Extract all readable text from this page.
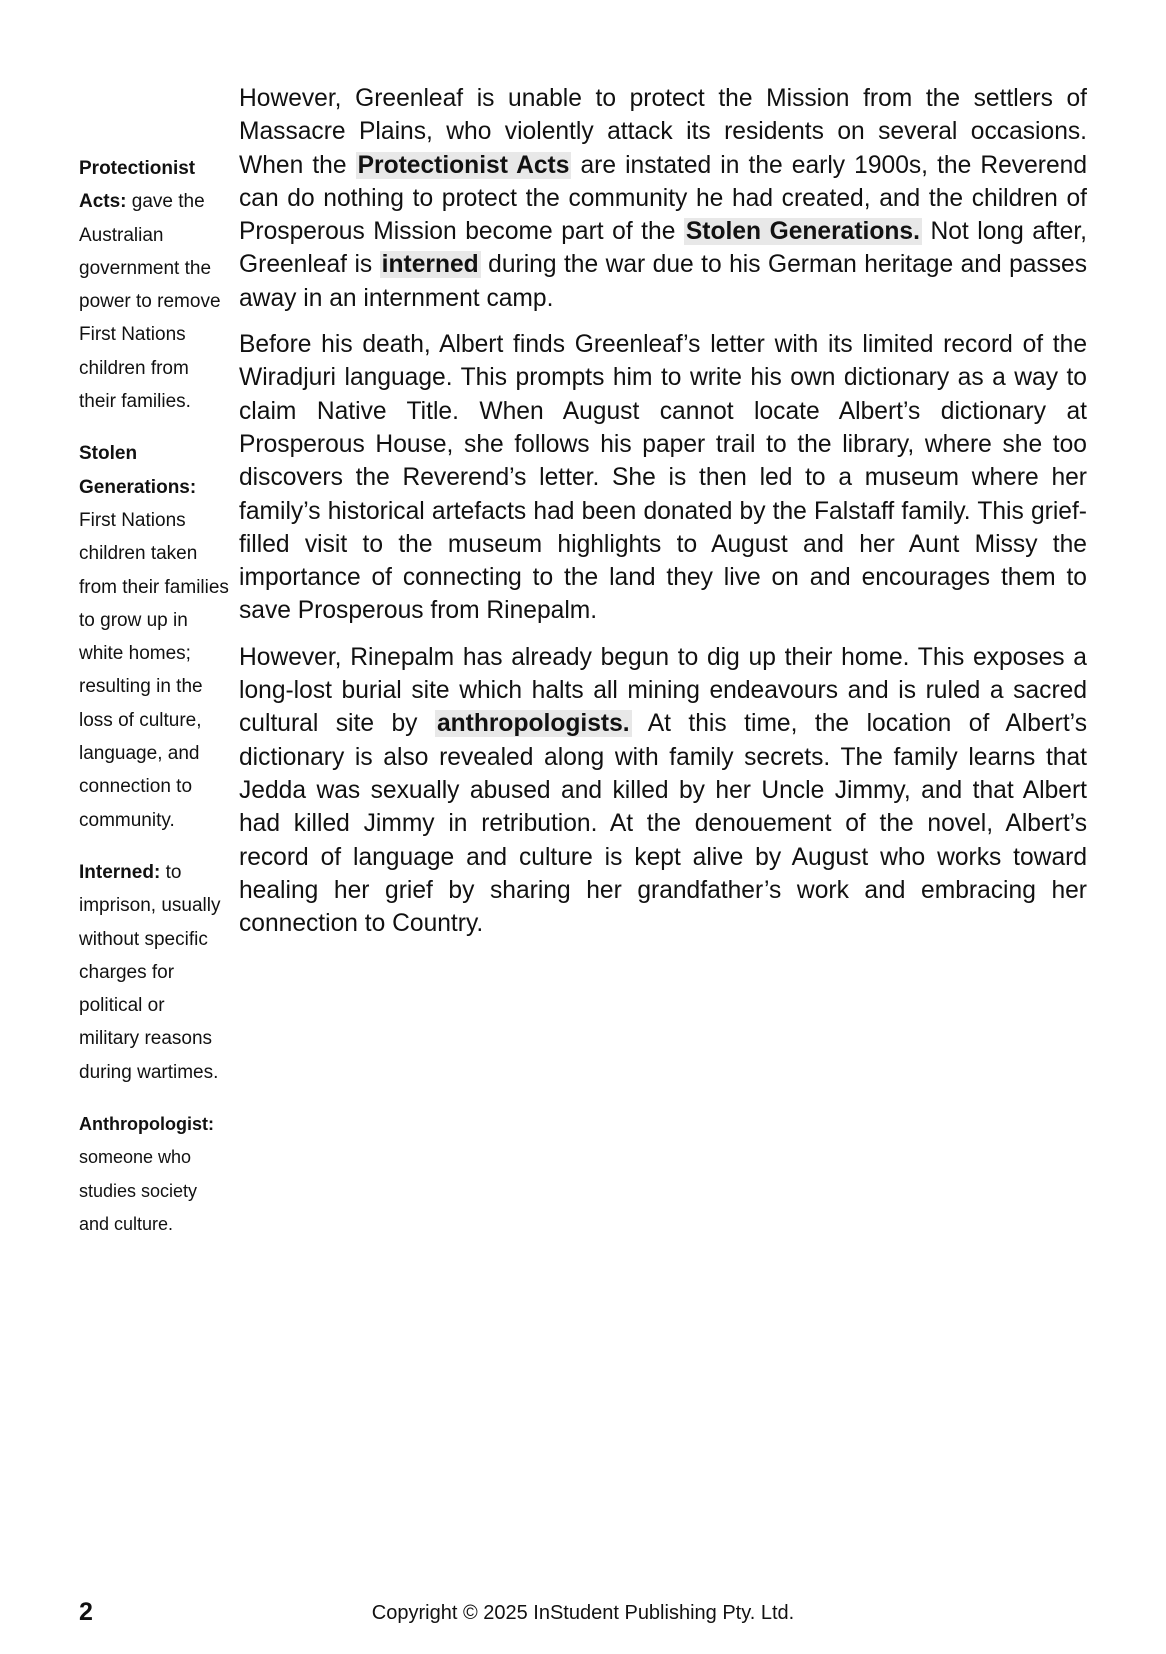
Protectionist Acts: gave the Australian government the power to remove First Nations children from their families.
Stolen Generations: First Nations children taken from their families to grow up in white homes; resulting in the loss of culture, language, and connection to community.
Interned: to imprison, usually without specific charges for political or military reasons during wartimes.
Anthropologist: someone who studies society and culture.

However, Greenleaf is unable to protect the Mission from the settlers of Massacre Plains, who violently attack its residents on several occasions. When the Protectionist Acts are instated in the early 1900s, the Reverend can do nothing to protect the community he had created, and the children of Prosperous Mission become part of the Stolen Generations. Not long after, Greenleaf is interned during the war due to his German heritage and passes away in an internment camp.

Before his death, Albert finds Greenleaf’s letter with its limited record of the Wiradjuri language. This prompts him to write his own dictionary as a way to claim Native Title. When August cannot locate Albert’s dictionary at Prosperous House, she follows his paper trail to the library, where she too discovers the Reverend’s letter. She is then led to a museum where her family’s historical artefacts had been donated by the Falstaff family. This grief-filled visit to the museum highlights to August and her Aunt Missy the importance of connecting to the land they live on and encourages them to save Prosperous from Rinepalm.

However, Rinepalm has already begun to dig up their home. This exposes a long-lost burial site which halts all mining endeavours and is ruled a sacred cultural site by anthropologists. At this time, the location of Albert’s dictionary is also revealed along with family secrets. The family learns that Jedda was sexually abused and killed by her Uncle Jimmy, and that Albert had killed Jimmy in retribution. At the denouement of the novel, Albert’s record of language and culture is kept alive by August who works toward healing her grief by sharing her grandfather’s work and embracing her connection to Country.

2	Copyright © 2025 InStudent Publishing Pty. Ltd.
